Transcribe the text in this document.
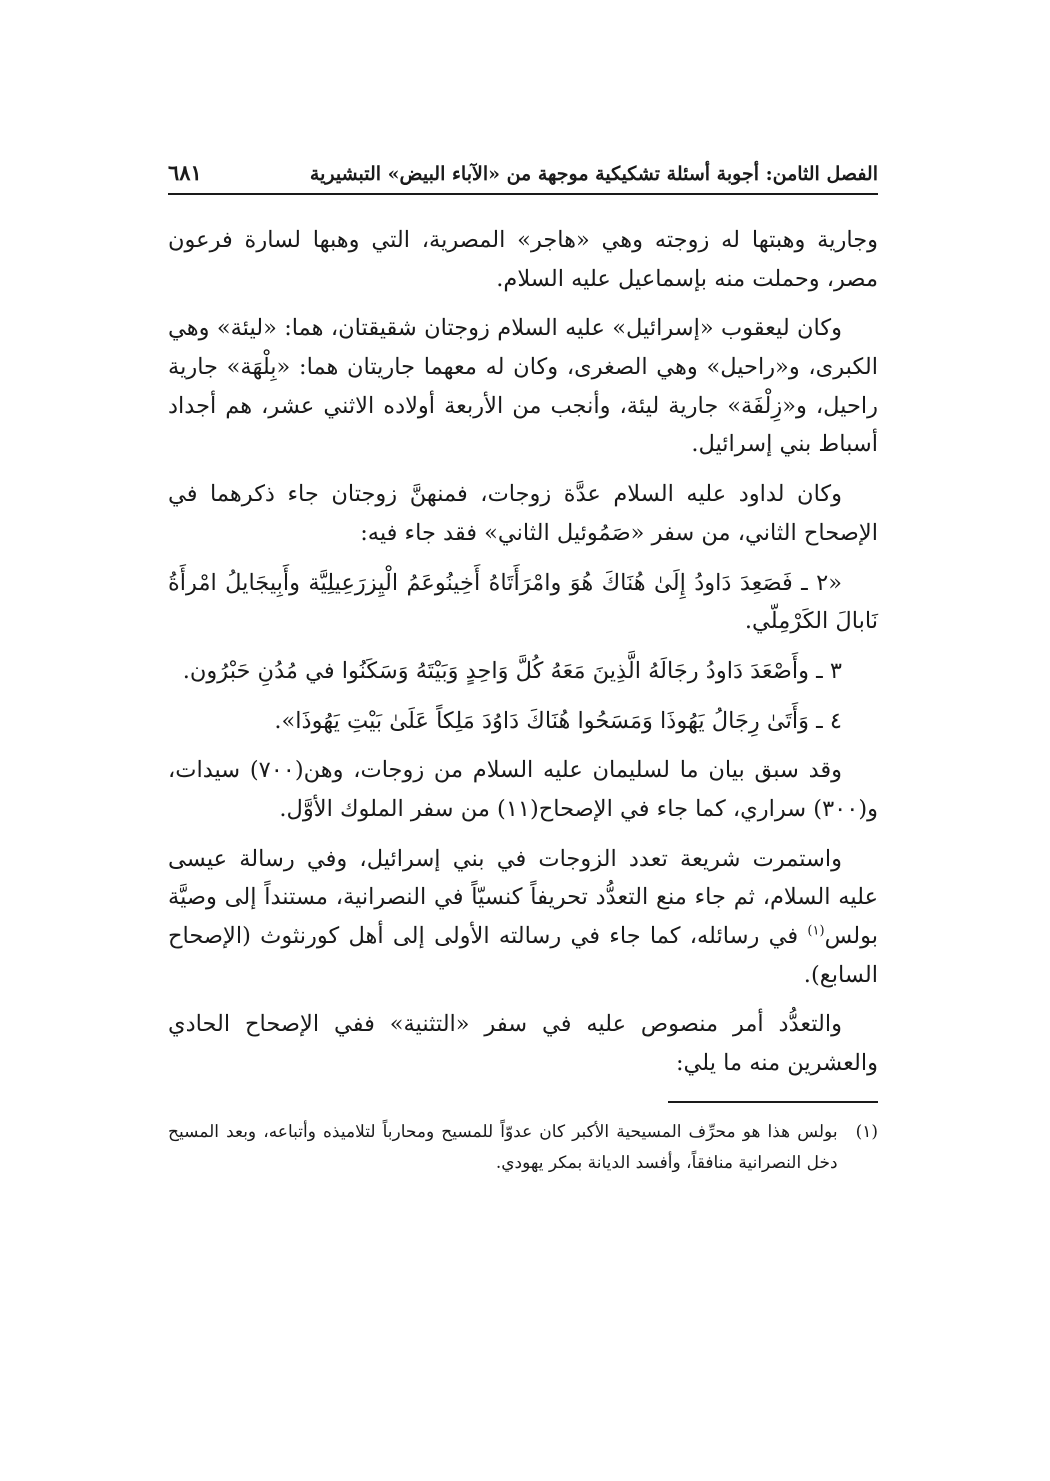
الفصل الثامن: أجوبة أسئلة تشكيكية موجهة من «الآباء البيض» التبشيرية
٦٨١

وجارية وهبتها له زوجته وهي «هاجر» المصرية، التي وهبها لسارة فرعون مصر، وحملت منه بإسماعيل عليه السلام.

وكان ليعقوب «إسرائيل» عليه السلام زوجتان شقيقتان، هما: «ليئة» وهي الكبرى، و«راحيل» وهي الصغرى، وكان له معهما جاريتان هما: «بِلْهَة» جارية راحيل، و«زِلْفَة» جارية ليئة، وأنجب من الأربعة أولاده الاثني عشر، هم أجداد أسباط بني إسرائيل.

وكان لداود عليه السلام عدَّة زوجات، فمنهنَّ زوجتان جاء ذكرهما في الإصحاح الثاني، من سفر «صَمُوئيل الثاني» فقد جاء فيه:

«٢ ـ فَصَعِدَ دَاودُ إِلَىٰ هُنَاكَ هُوَ وامْرَأَتَاهُ أَخِينُوعَمُ الْيِزرَعِيلِيَّة وأَبِيجَايلُ امْرأَةُ نَابالَ الكَرْمِلّي.

٣ ـ وأَصْعَدَ دَاودُ رجَالَهُ الَّذِينَ مَعَهُ كُلَّ وَاحِدٍ وَبَيْتَهُ وَسَكَنُوا في مُدُنِ حَبْرُون.

٤ ـ وَأَتَىٰ رِجَالُ يَهُوذَا وَمَسَحُوا هُنَاكَ دَاوُدَ مَلِكاً عَلَىٰ بَيْتِ يَهُوذَا».

وقد سبق بيان ما لسليمان عليه السلام من زوجات، وهن(٧٠٠) سيدات، و(٣٠٠) سراري، كما جاء في الإصحاح(١١) من سفر الملوك الأوَّل.

واستمرت شريعة تعدد الزوجات في بني إسرائيل، وفي رسالة عيسى عليه السلام، ثم جاء منع التعدُّد تحريفاً كنسيّاً في النصرانية، مستنداً إلى وصيَّة بولس$^{(١)}$ في رسائله، كما جاء في رسالته الأولى إلى أهل كورنثوث (الإصحاح السابع).

والتعدُّد أمر منصوص عليه في سفر «التثنية» ففي الإصحاح الحادي والعشرين منه ما يلي:

(١)
بولس هذا هو محرِّف المسيحية الأكبر كان عدوّاً للمسيح ومحارباً لتلاميذه وأتباعه، وبعد المسيح دخل النصرانية منافقاً، وأفسد الديانة بمكر يهودي.
